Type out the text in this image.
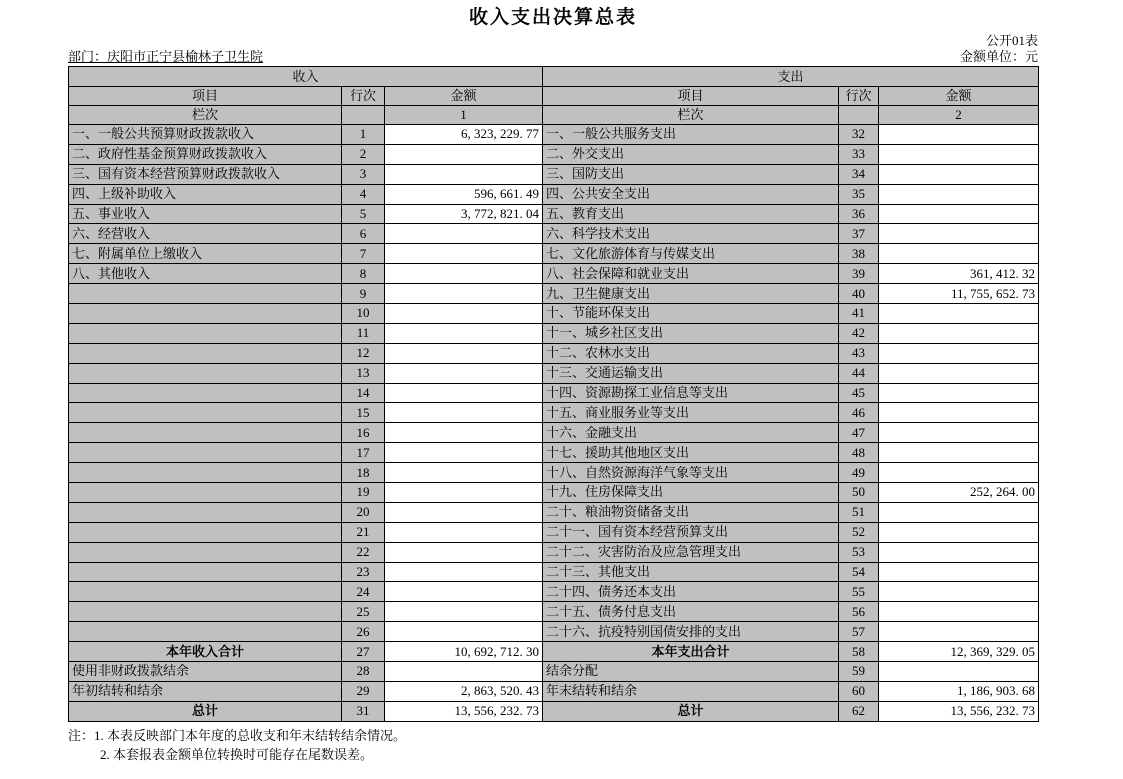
收入支出决算总表
公开01表
部门：庆阳市正宁县榆林子卫生院	金额单位：元
收入			支出		
项目	行次	金额	项目	行次	金额
栏次		1	栏次		2
一、一般公共预算财政拨款收入	1	6, 323, 229. 77	一、一般公共服务支出	32	
二、政府性基金预算财政拨款收入	2		二、外交支出	33	
三、国有资本经营预算财政拨款收入	3		三、国防支出	34	
四、上级补助收入	4	596, 661. 49	四、公共安全支出	35	
五、事业收入	5	3, 772, 821. 04	五、教育支出	36	
六、经营收入	6		六、科学技术支出	37	
七、附属单位上缴收入	7		七、文化旅游体育与传媒支出	38	
八、其他收入	8		八、社会保障和就业支出	39	361, 412. 32
	9		九、卫生健康支出	40	11, 755, 652. 73
	10		十、节能环保支出	41	
	11		十一、城乡社区支出	42	
	12		十二、农林水支出	43	
	13		十三、交通运输支出	44	
	14		十四、资源勘探工业信息等支出	45	
	15		十五、商业服务业等支出	46	
	16		十六、金融支出	47	
	17		十七、援助其他地区支出	48	
	18		十八、自然资源海洋气象等支出	49	
	19		十九、住房保障支出	50	252, 264. 00
	20		二十、粮油物资储备支出	51	
	21		二十一、国有资本经营预算支出	52	
	22		二十二、灾害防治及应急管理支出	53	
	23		二十三、其他支出	54	
	24		二十四、债务还本支出	55	
	25		二十五、债务付息支出	56	
	26		二十六、抗疫特别国债安排的支出	57	
本年收入合计	27	10, 692, 712. 30	本年支出合计	58	12, 369, 329. 05
使用非财政拨款结余	28		结余分配	59	
年初结转和结余	29	2, 863, 520. 43	年末结转和结余	60	1, 186, 903. 68
总计	31	13, 556, 232. 73	总计	62	13, 556, 232. 73
注：1. 本表反映部门本年度的总收支和年末结转结余情况。
2. 本套报表金额单位转换时可能存在尾数误差。
